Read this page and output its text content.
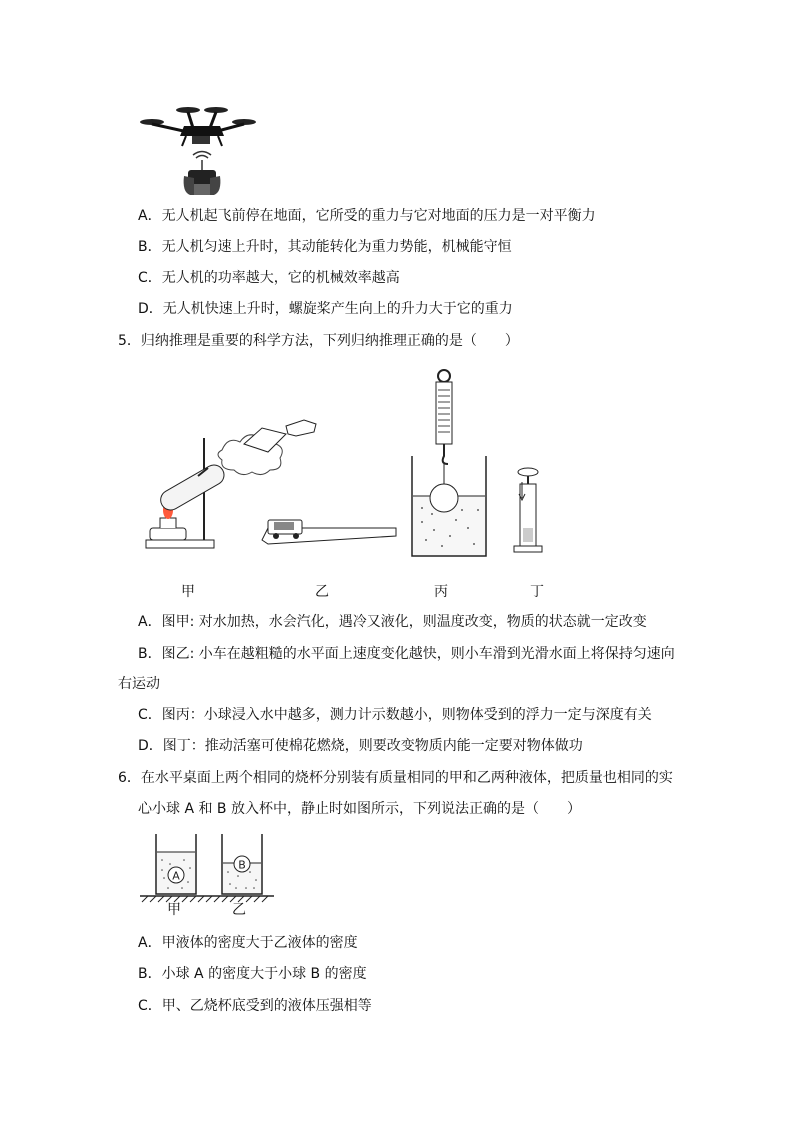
A．无人机起飞前停在地面，它所受的重力与它对地面的压力是一对平衡力
B．无人机匀速上升时，其动能转化为重力势能，机械能守恒
C．无人机的功率越大，它的机械效率越高
D．无人机快速上升时，螺旋桨产生向上的升力大于它的重力
5．归纳推理是重要的科学方法，下列归纳推理正确的是（　　）
甲	乙	丙	丁
A．图甲: 对水加热，水会汽化，遇冷又液化，则温度改变，物质的状态就一定改变
B．图乙: 小车在越粗糙的水平面上速度变化越快，则小车滑到光滑水面上将保持匀速向
右运动
C．图丙：小球浸入水中越多，测力计示数越小，则物体受到的浮力一定与深度有关
D．图丁：推动活塞可使棉花燃烧，则要改变物质内能一定要对物体做功
6．在水平桌面上两个相同的烧杯分别装有质量相同的甲和乙两种液体，把质量也相同的实
心小球 A 和 B 放入杯中，静止时如图所示，下列说法正确的是（　　）
A
B
甲	乙
A．甲液体的密度大于乙液体的密度
B．小球 A 的密度大于小球 B 的密度
C．甲、乙烧杯底受到的液体压强相等
